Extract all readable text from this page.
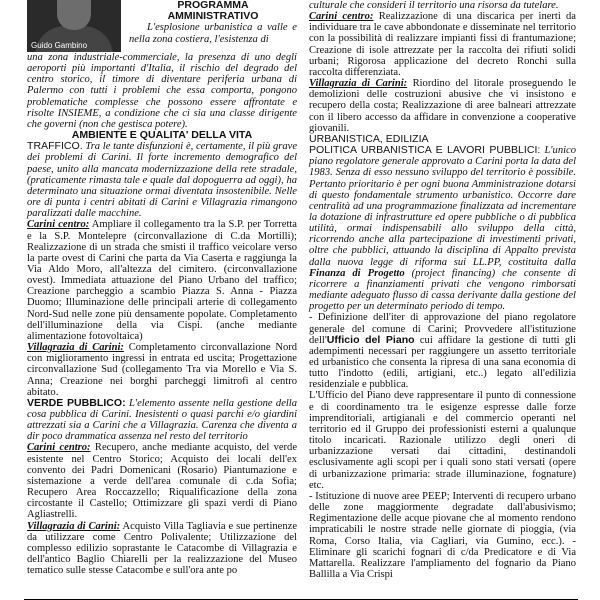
Guido Gambino
PROGRAMMA
AMMINISTRATIVO

L'esplosione urbanistica a valle e nella zona costiera, l'esistenza di

una zona industriale-commerciale, la presenza di uno degli aeroporti più importanti d'Italia, il rischio del degrado del centro storico, il timore di diventare periferia urbana di Palermo con tutti i problemi che essa comporta, pongono problematiche complesse che possono essere affrontate e risolte INSIEME, a condizione che ci sia una classe dirigente che governi (non che gestisca potere).

AMBIENTE E QUALITA' DELLA VITA

TRAFFICO. Tra le tante disfunzioni è, certamente, il più grave dei problemi di Carini. Il forte incremento demografico del paese, unito alla mancata modernizzazione della rete stradale, (praticamente rimasta tale e quale dal dopoguerra ad oggi), ha determinato una situazione ormai diventata insostenibile. Nelle ore di punta i centri abitati di Carini e Villagrazia rimangono paralizzati dalle macchine.

Carini centro: Ampliare il collegamento tra la S.P. per Torretta e la S.P. Montelepre (circonvallazione di C.da Mortilli); Realizzazione di un strada che smisti il traffico veicolare verso la parte ovest di Carini che parta da Via Caserta e raggiunga la Via Aldo Moro, all'altezza del cimitero. (circonvallazione ovest). Immediata attuazione del Piano Urbano del traffico; Creazione parcheggio a scambio Piazza S. Anna - Piazza Duomo; Illuminazione delle principali arterie di collegamento Nord-Sud nelle zone più densamente popolate. Completamento dell'illuminazione della via Cispi. (anche mediante alimentazione fotovoltaica)

Villagrazia di Carini: Completamento circonvallazione Nord con miglioramento ingressi in entrata ed uscita; Progettazione circonvallazione Sud (collegamento Tra via Morello e Via S. Anna; Creazione nei borghi parcheggi limitrofi al centro abitato.

VERDE PUBBLICO: L'elemento assente nella gestione della cosa pubblica di Carini. Inesistenti o quasi parchi e/o giardini attrezzati sia a Carini che a Villagrazia. Carenza che diventa a dir poco drammatica assenza nel resto del territorio

Carini centro: Recupero, anche mediante acquisto, del verde esistente nel Centro Storico; Acquisto dei locali dell'ex convento dei Padri Domenicani (Rosario) Piantumazione e sistemazione a verde dell'area comunale di c.da Sofia; Recupero Area Roccazzello; Riqualificazione della zona circostante il Castello; Ottimizzare gli spazi verdi di Piano Agliastrelli.

Villagrazia di Carini: Acquisto Villa Tagliavia e sue pertinenze da utilizzare come Centro Polivalente; Utilizzazione del complesso edilizio soprastante le Catacombe di Villagrazia e dell'antico Baglio Chiarelli per la realizzazione del Museo tematico sulle stesse Catacombe e sull'ora ante po

culturale che consideri il territorio una risorsa da tutelare.

Carini centro: Realizzazione di una discarica per inerti da individuare tra le cave abbondonate e disseminate nel territorio con la possibilità di realizzare impianti fissi di frantumazione; Creazione di isole attrezzate per la raccolta dei rifiuti solidi urbani; Rigorosa applicazione del decreto Ronchi sulla raccolta differenziata.

Villagrazia di Carini: Riordino del litorale proseguendo le demolizioni delle costruzioni abusive che vi insistono e recupero della costa; Realizzazione di aree balneari attrezzate con il libero accesso da affidare in convenzione a cooperative giovanili.

URBANISTICA, EDILIZIA

POLITICA URBANISTICA E LAVORI PUBBLICI: L'unico piano regolatore generale approvato a Carini porta la data del 1983. Senza di esso nessuno sviluppo del territorio è possibile. Pertanto prioritario è per ogni buona Amministrazione dotarsi di questo fondamentale strumento urbanistico. Occorre dare centralità ad una programmazione finalizzata ad incrementare la dotazione di infrastrutture ed opere pubbliche o di pubblica utilità, ormai indispensabili allo sviluppo della città, ricorrendo anche alla partecipazione di investimenti privati, oltre che pubblici, attuando la disciplina di Appalto prevista dalla nuova legge di riforma sui LL.PP, costituita dalla Finanza di Progetto (project financing) che consente di ricorrere a finanziamenti privati che vengono rimborsati mediante adeguato flusso di cassa derivante dalla gestione del progetto per un determinato periodo di tempo.

- Definizione dell'iter di approvazione del piano regolatore generale del comune di Carini; Provvedere all'istituzione dell'Ufficio del Piano cui affidare la gestione di tutti gli adempimenti necessari per raggiungere un assetto territoriale ed urbanistico che consenta la ripresa di una sana economia di tutto l'indotto (edili, artigiani, etc..) legato all'edilizia residenziale e pubblica.

L'Ufficio del Piano deve rappresentare il punto di connessione e di coordinamento tra le esigenze espresse dalle forze imprenditoriali, artigianali e del commercio operanti nel territorio ed il Gruppo dei professionisti esterni a qualunque titolo incaricati. Razionale utilizzo degli oneri di urbanizzazione versati dai cittadini, destinandoli esclusivamente agli scopi per i quali sono stati versati (opere di urbanizzazione primaria: strade illuminazione, fognature) etc.

- Istituzione di nuove aree PEEP; Interventi di recupero urbano delle zone maggiormente degradate dall'abusivismo; Regimentazione delle acque piovane che al momento rendono impraticabili le nostre strade nelle giornate di pioggia, (via Roma, Corso Italia, via Cagliari, via Gumino, ecc.). - Eliminare gli scarichi fognari di c/da Predicatore e di Via Mattarella. Realizzare l'ampliamento del fognario da Piano Ballilla a Via Crispi
